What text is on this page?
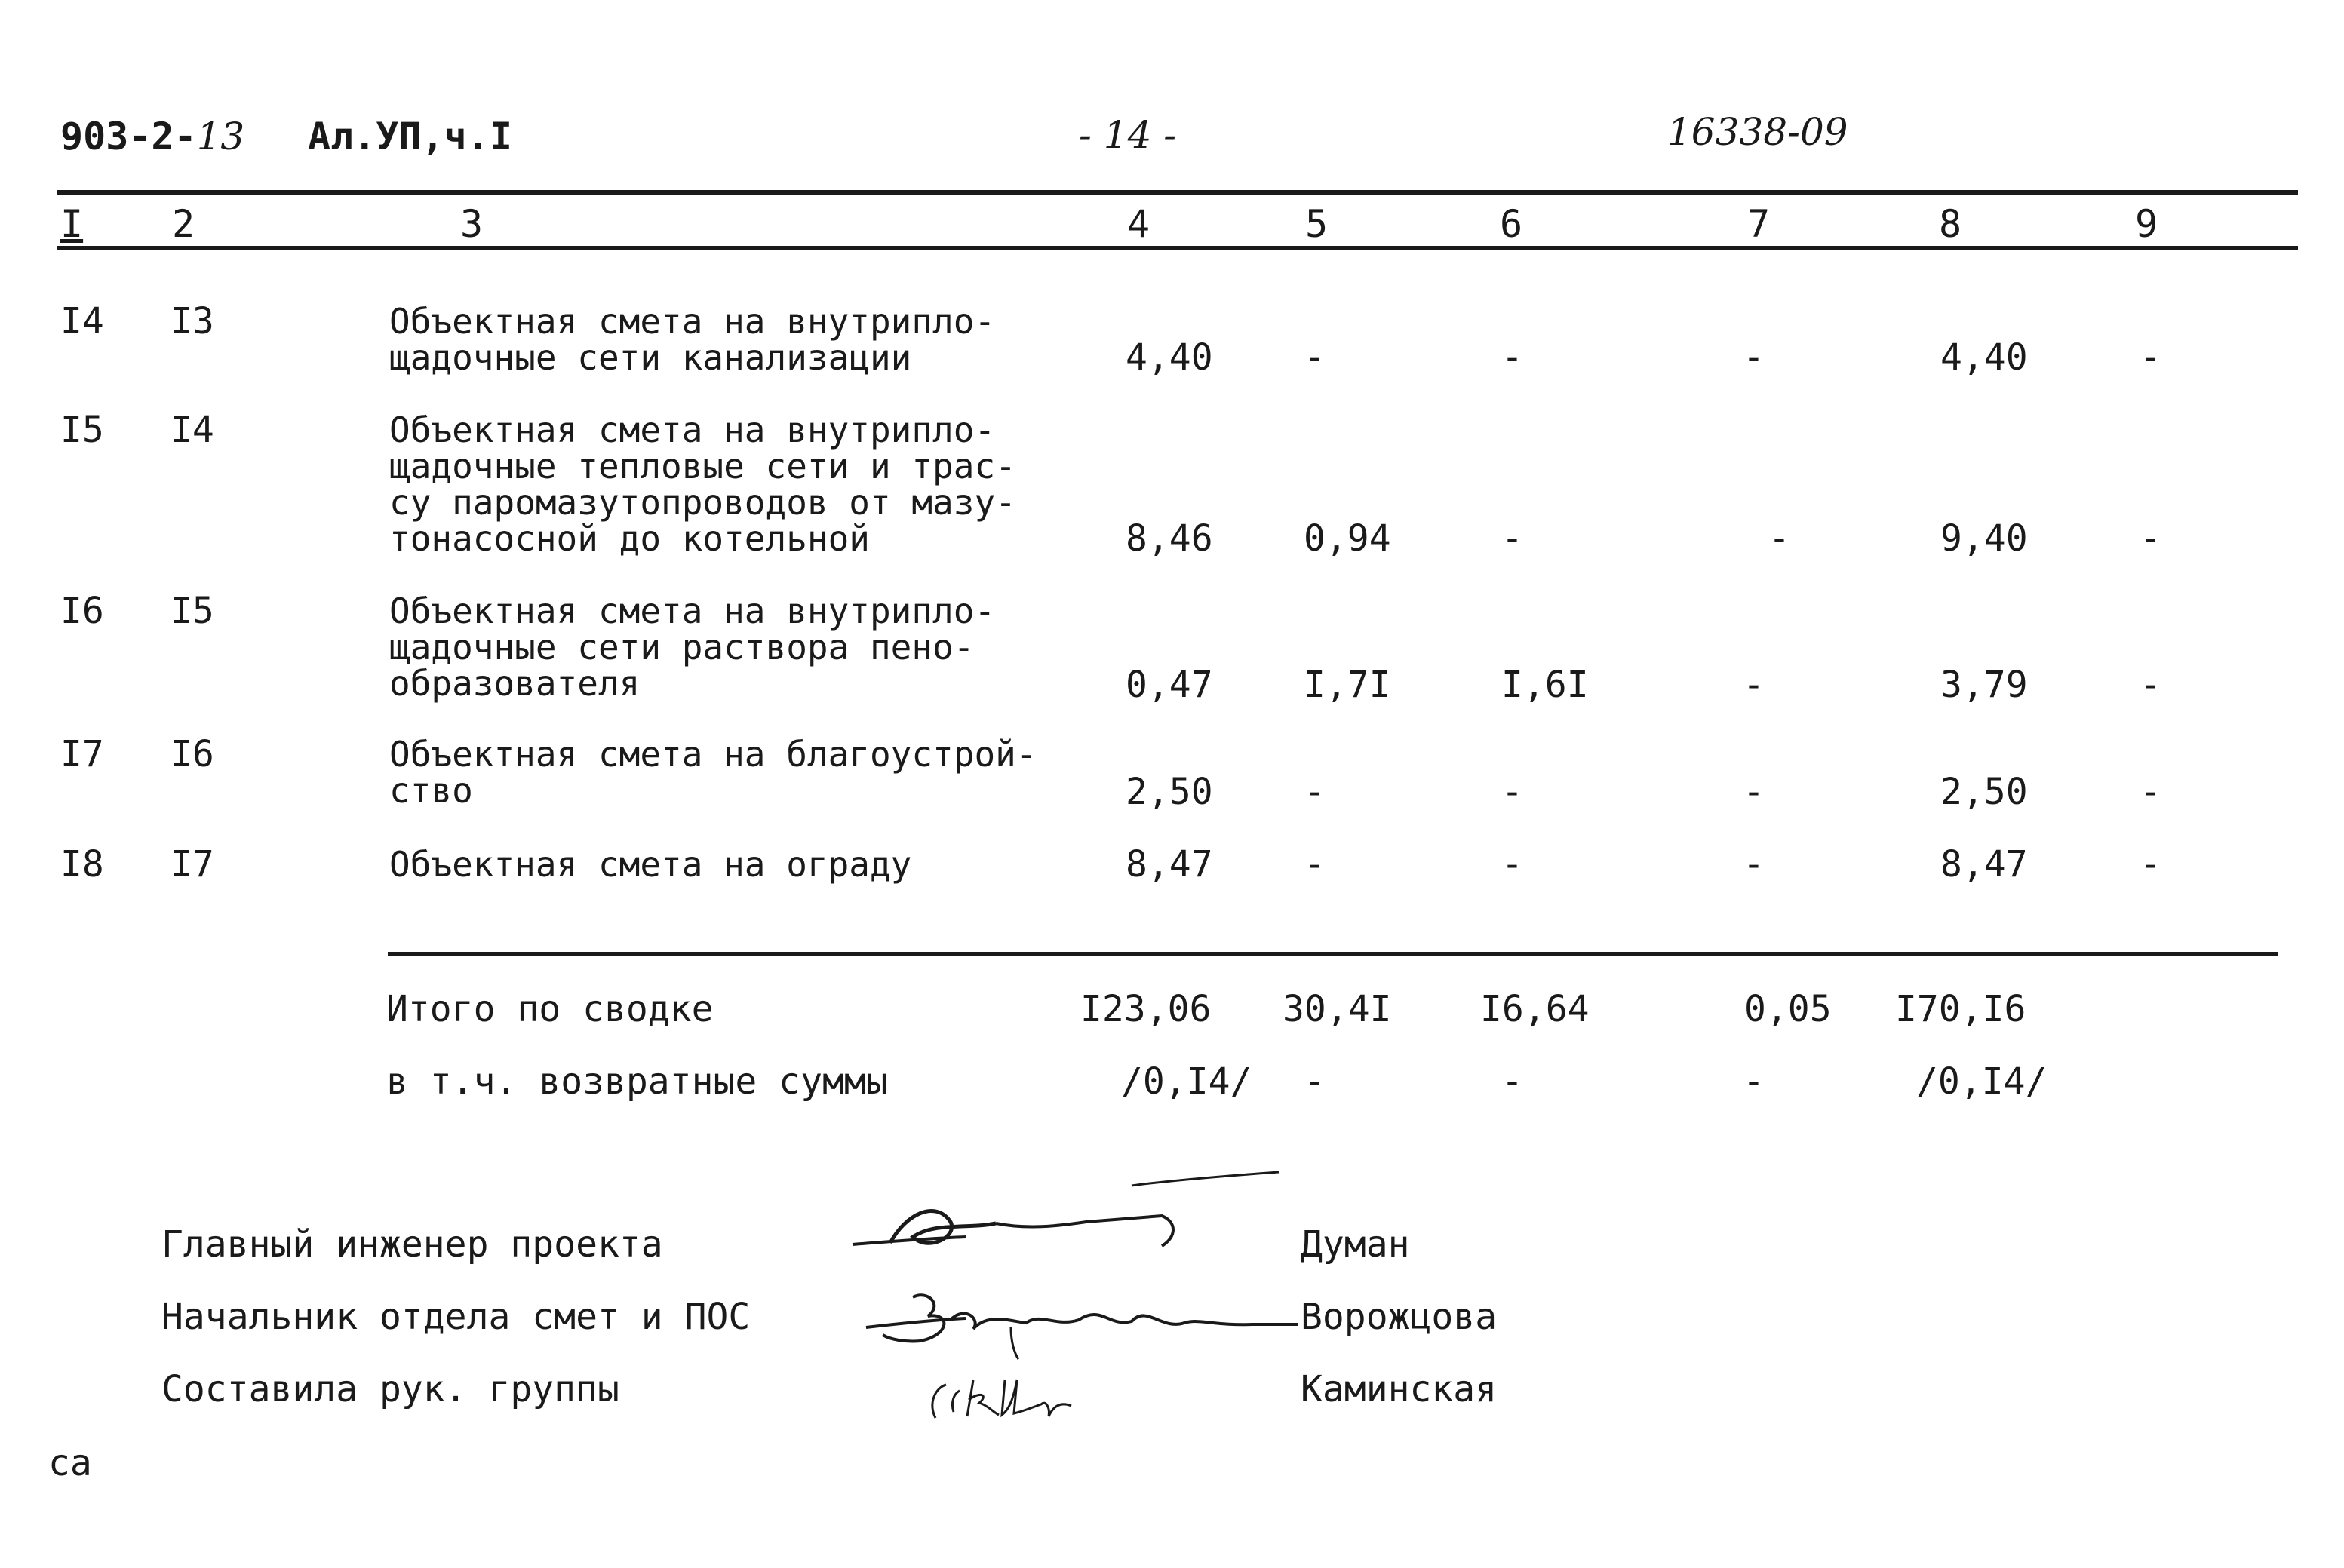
903-2-13 Ал.УП,ч.I	- 14 -	16338-09
I 2	3	4	5	6	7	8	9
I4 I3	Объектная смета на внутрипло-
щадочные сети канализации	4,40	-	-	-	4,40	-
I5 I4	Объектная смета на внутрипло-
щадочные тепловые сети и трас-
су паромазутопроводов от мазу-
тонасосной до котельной	8,46	0,94	-	-	9,40	-
I6 I5	Объектная смета на внутрипло-
щадочные сети раствора пено-
образователя	0,47	I,7I	I,6I	-	3,79	-
I7 I6	Объектная смета на благоустрой-
ство	2,50	-	-	-	2,50	-
I8 I7	Объектная смета на ограду	8,47	-	-	-	8,47	-
Итого по сводке	I23,06 30,4I I6,64	0,05 I70,I6
в т.ч. возвратные суммы	/0,I4/ -	-	-	/0,I4/
Главный инженер проекта
Начальник отдела смет и ПОС
Составила рук. группы
Думан
Ворожцова
Каминская
са
